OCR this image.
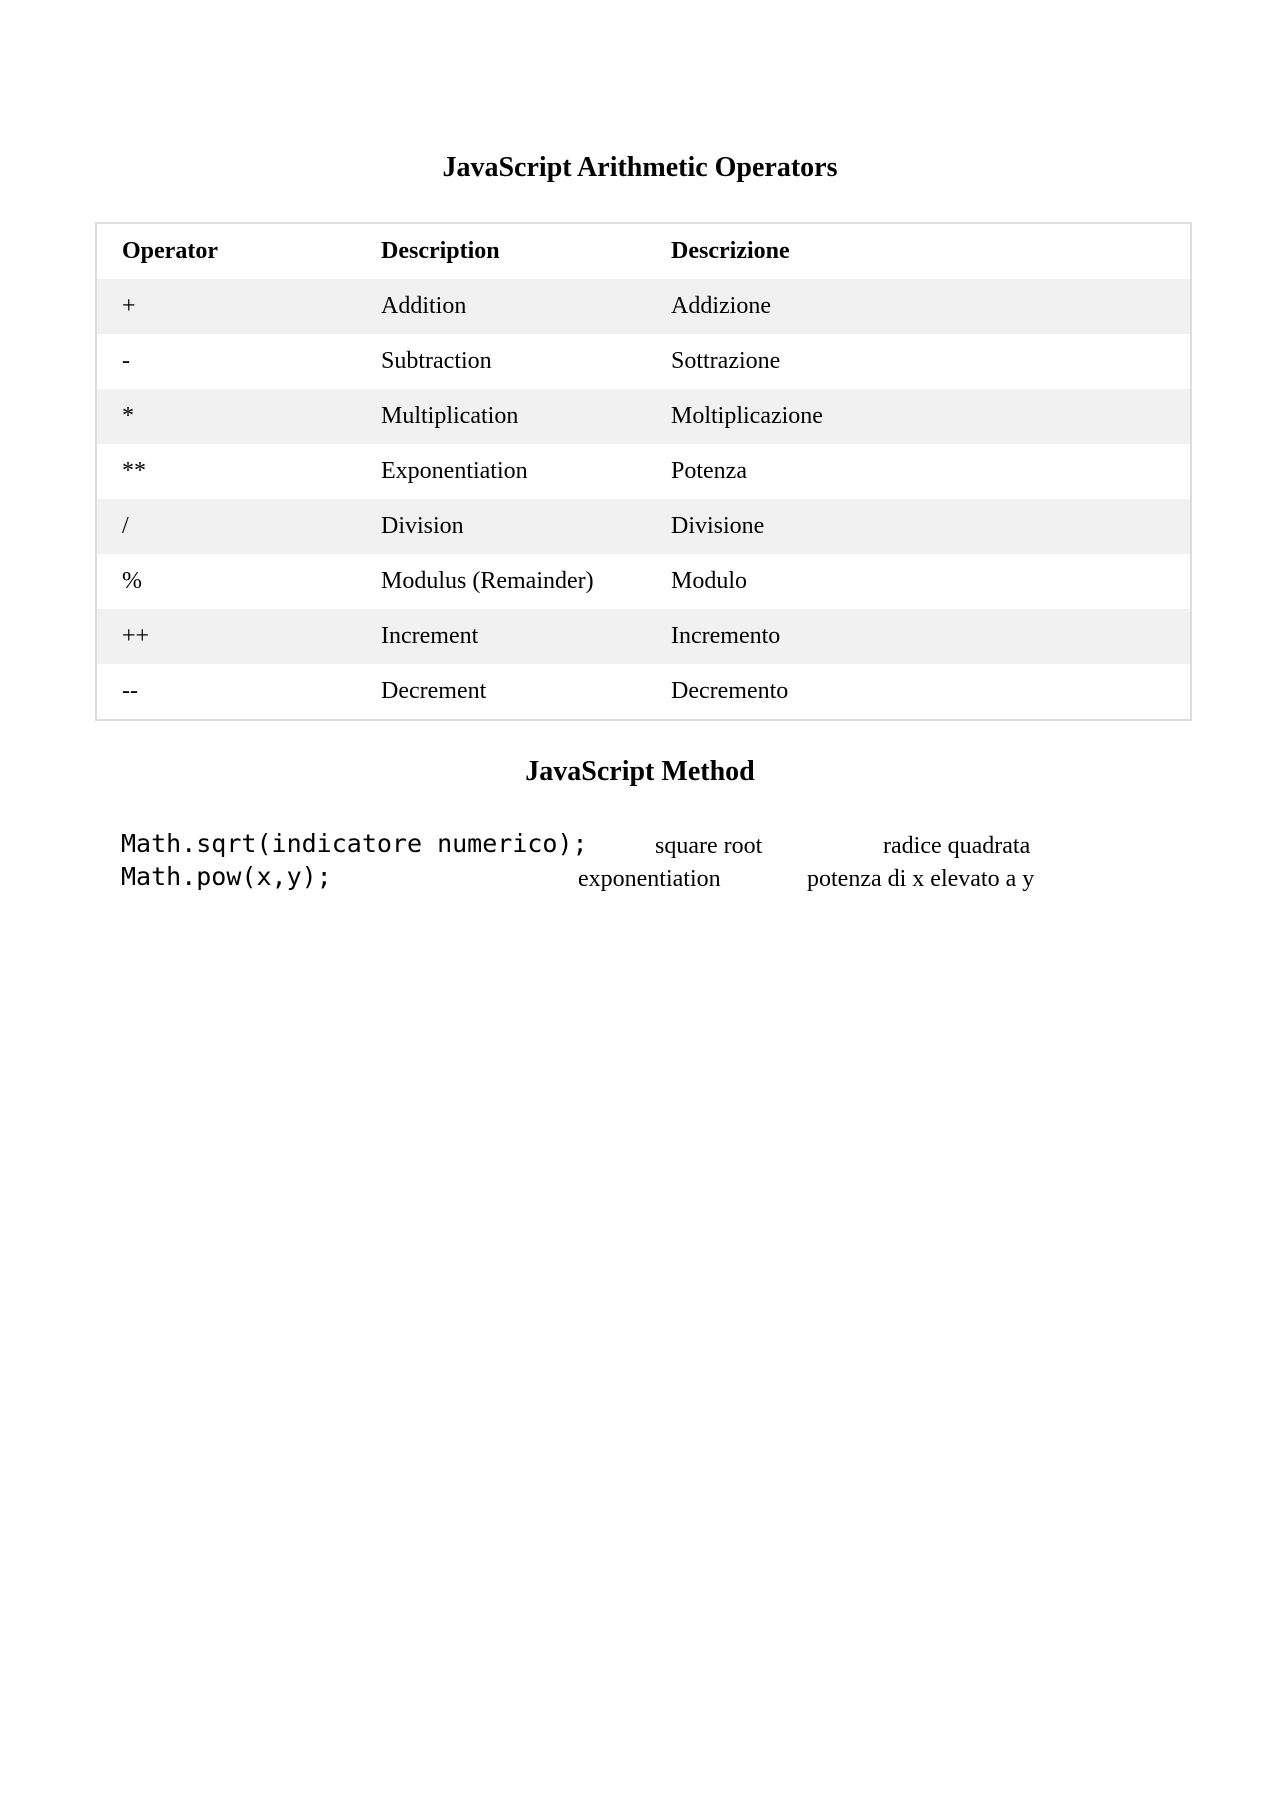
JavaScript Arithmetic Operators
Operator	Description	Descrizione
+	Addition	Addizione
-	Subtraction	Sottrazione
*	Multiplication	Moltiplicazione
**	Exponentiation	Potenza
/	Division	Divisione
%	Modulus (Remainder)	Modulo
++	Increment	Incremento
--	Decrement	Decremento
JavaScript Method
Math.sqrt(indicatore numerico);	square root	radice quadrata
Math.pow(x,y);	exponentiation	potenza di x elevato a y
